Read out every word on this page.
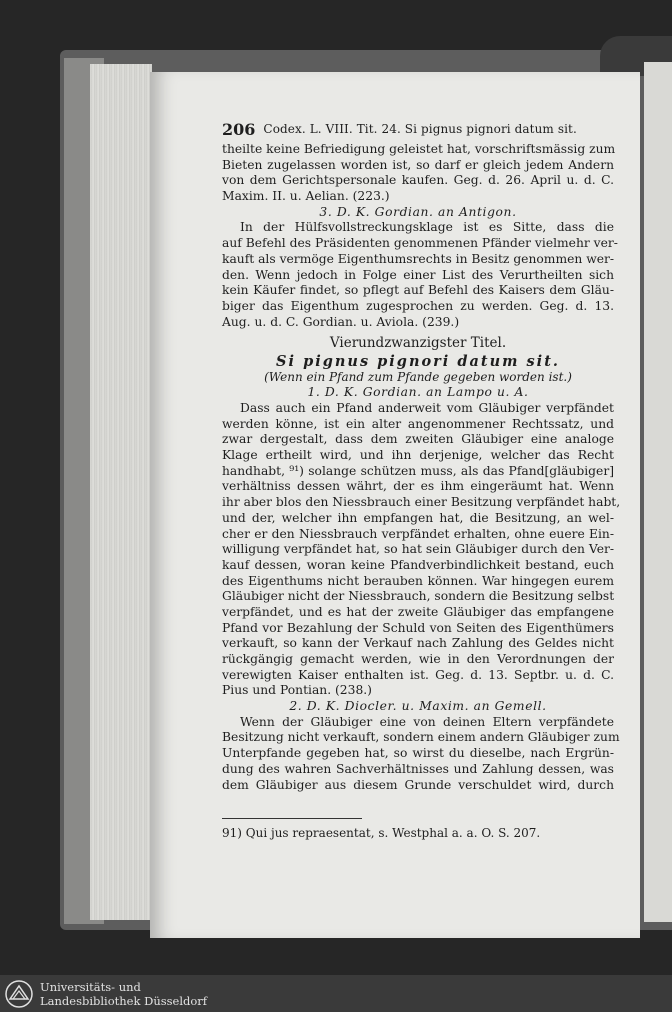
206 Codex. L. VIII. Tit. 24. Si pignus pignori datum sit.
theilte keine Befriedigung geleistet hat, vorschriftsmässig zum
Bieten zugelassen worden ist, so darf er gleich jedem Andern
von dem Gerichtspersonale kaufen. Geg. d. 26. April u. d. C.
Maxim. II. u. Aelian. (223.)
3. D. K. Gordian. an Antigon.
In der Hülfsvollstreckungsklage ist es Sitte, dass die
auf Befehl des Präsidenten genommenen Pfänder vielmehr ver-
kauft als vermöge Eigenthumsrechts in Besitz genommen wer-
den. Wenn jedoch in Folge einer List des Verurtheilten sich
kein Käufer findet, so pflegt auf Befehl des Kaisers dem Gläu-
biger das Eigenthum zugesprochen zu werden. Geg. d. 13.
Aug. u. d. C. Gordian. u. Aviola. (239.)
Vierundzwanzigster Titel.
Si pignus pignori datum sit.
(Wenn ein Pfand zum Pfande gegeben worden ist.)
1. D. K. Gordian. an Lampo u. A.
Dass auch ein Pfand anderweit vom Gläubiger verpfändet
werden könne, ist ein alter angenommener Rechtssatz, und
zwar dergestalt, dass dem zweiten Gläubiger eine analoge
Klage ertheilt wird, und ihn derjenige, welcher das Recht
handhabt, ⁹¹) solange schützen muss, als das Pfand[gläubiger]
verhältniss dessen währt, der es ihm eingeräumt hat. Wenn
ihr aber blos den Niessbrauch einer Besitzung verpfändet habt,
und der, welcher ihn empfangen hat, die Besitzung, an wel-
cher er den Niessbrauch verpfändet erhalten, ohne euere Ein-
willigung verpfändet hat, so hat sein Gläubiger durch den Ver-
kauf dessen, woran keine Pfandverbindlichkeit bestand, euch
des Eigenthums nicht berauben können. War hingegen eurem
Gläubiger nicht der Niessbrauch, sondern die Besitzung selbst
verpfändet, und es hat der zweite Gläubiger das empfangene
Pfand vor Bezahlung der Schuld von Seiten des Eigenthümers
verkauft, so kann der Verkauf nach Zahlung des Geldes nicht
rückgängig gemacht werden, wie in den Verordnungen der
verewigten Kaiser enthalten ist. Geg. d. 13. Septbr. u. d. C.
Pius und Pontian. (238.)
2. D. K. Diocler. u. Maxim. an Gemell.
Wenn der Gläubiger eine von deinen Eltern verpfändete
Besitzung nicht verkauft, sondern einem andern Gläubiger zum
Unterpfande gegeben hat, so wirst du dieselbe, nach Ergrün-
dung des wahren Sachverhältnisses und Zahlung dessen, was
dem Gläubiger aus diesem Grunde verschuldet wird, durch
91) Qui jus repraesentat, s. Westphal a. a. O. S. 207.
Universitäts- und
Landesbibliothek Düsseldorf
